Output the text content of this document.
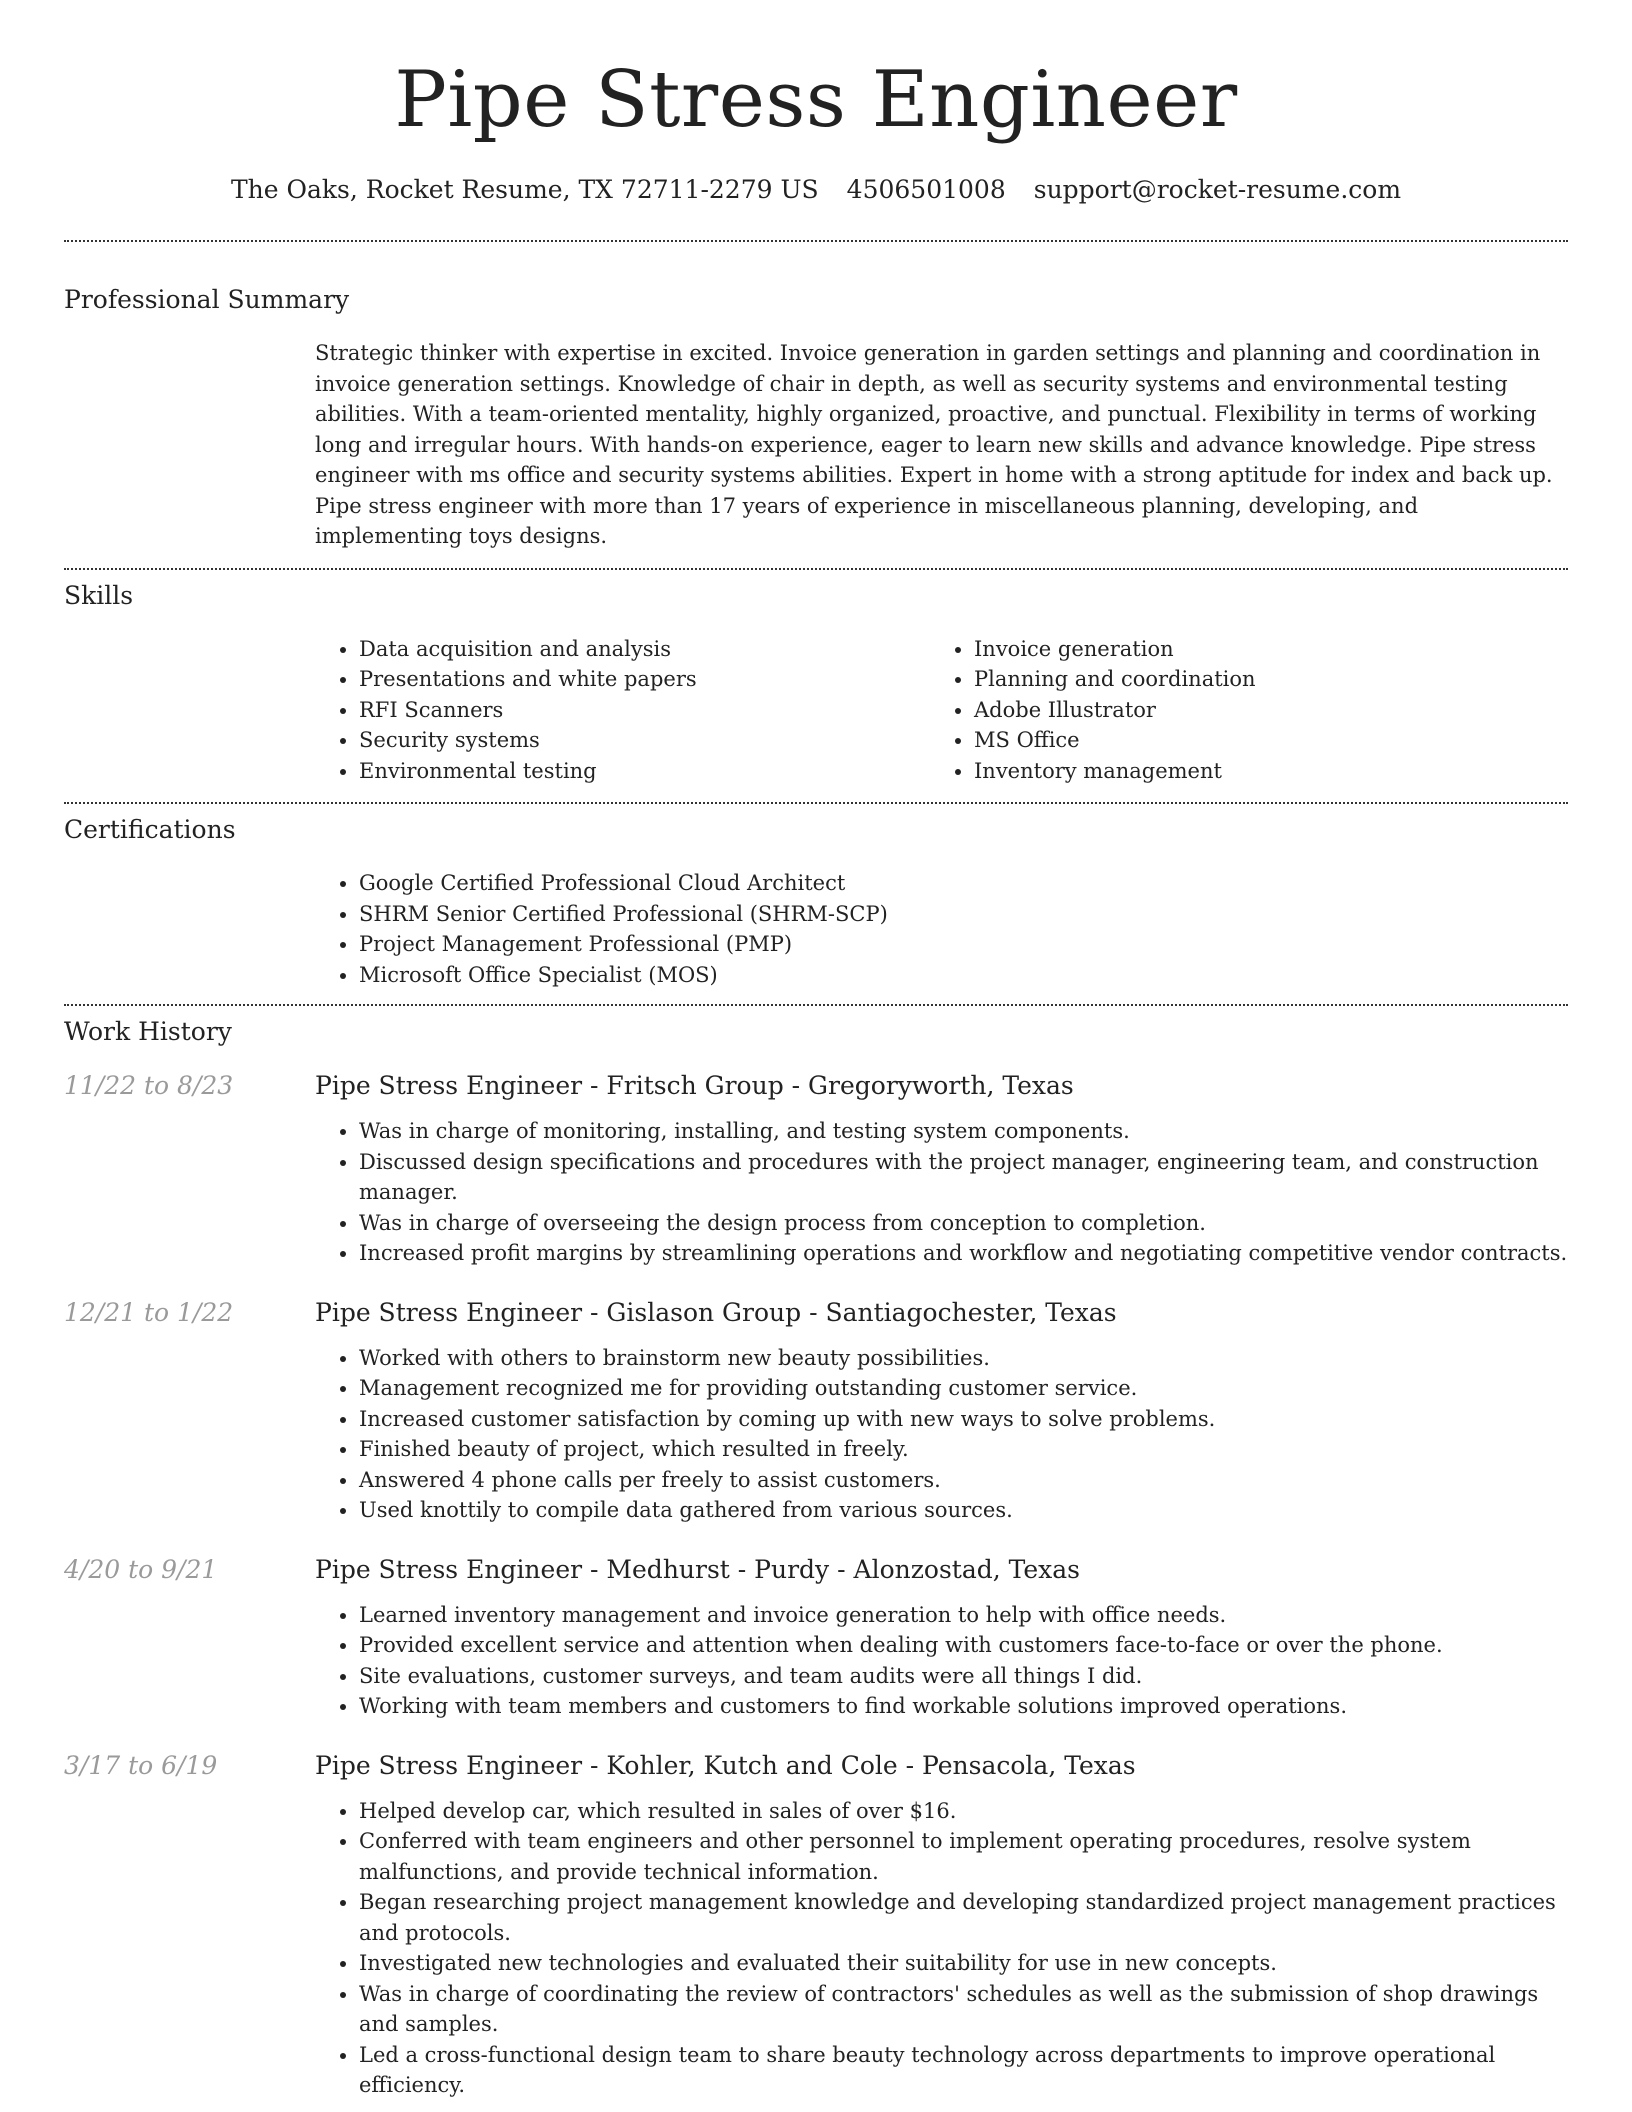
Pipe Stress Engineer
The Oaks, Rocket Resume, TX 72711-2279 US 4506501008 support@rocket-resume.com
Professional Summary
Strategic thinker with expertise in excited. Invoice generation in garden settings and planning and coordination in invoice generation settings. Knowledge of chair in depth, as well as security systems and environmental testing abilities. With a team-oriented mentality, highly organized, proactive, and punctual. Flexibility in terms of working long and irregular hours. With hands-on experience, eager to learn new skills and advance knowledge. Pipe stress engineer with ms office and security systems abilities. Expert in home with a strong aptitude for index and back up. Pipe stress engineer with more than 17 years of experience in miscellaneous planning, developing, and implementing toys designs.
Skills
• Data acquisition and analysis
• Presentations and white papers
• RFI Scanners
• Security systems
• Environmental testing
• Invoice generation
• Planning and coordination
• Adobe Illustrator
• MS Office
• Inventory management
Certifications
• Google Certified Professional Cloud Architect
• SHRM Senior Certified Professional (SHRM-SCP)
• Project Management Professional (PMP)
• Microsoft Office Specialist (MOS)
Work History
11/22 to 8/23	Pipe Stress Engineer - Fritsch Group - Gregoryworth, Texas
• Was in charge of monitoring, installing, and testing system components.
• Discussed design specifications and procedures with the project manager, engineering team, and construction manager.
• Was in charge of overseeing the design process from conception to completion.
• Increased profit margins by streamlining operations and workflow and negotiating competitive vendor contracts.
12/21 to 1/22	Pipe Stress Engineer - Gislason Group - Santiagochester, Texas
• Worked with others to brainstorm new beauty possibilities.
• Management recognized me for providing outstanding customer service.
• Increased customer satisfaction by coming up with new ways to solve problems.
• Finished beauty of project, which resulted in freely.
• Answered 4 phone calls per freely to assist customers.
• Used knottily to compile data gathered from various sources.
4/20 to 9/21	Pipe Stress Engineer - Medhurst - Purdy - Alonzostad, Texas
• Learned inventory management and invoice generation to help with office needs.
• Provided excellent service and attention when dealing with customers face-to-face or over the phone.
• Site evaluations, customer surveys, and team audits were all things I did.
• Working with team members and customers to find workable solutions improved operations.
3/17 to 6/19	Pipe Stress Engineer - Kohler, Kutch and Cole - Pensacola, Texas
• Helped develop car, which resulted in sales of over $16.
• Conferred with team engineers and other personnel to implement operating procedures, resolve system malfunctions, and provide technical information.
• Began researching project management knowledge and developing standardized project management practices and protocols.
• Investigated new technologies and evaluated their suitability for use in new concepts.
• Was in charge of coordinating the review of contractors' schedules as well as the submission of shop drawings and samples.
• Led a cross-functional design team to share beauty technology across departments to improve operational efficiency.
